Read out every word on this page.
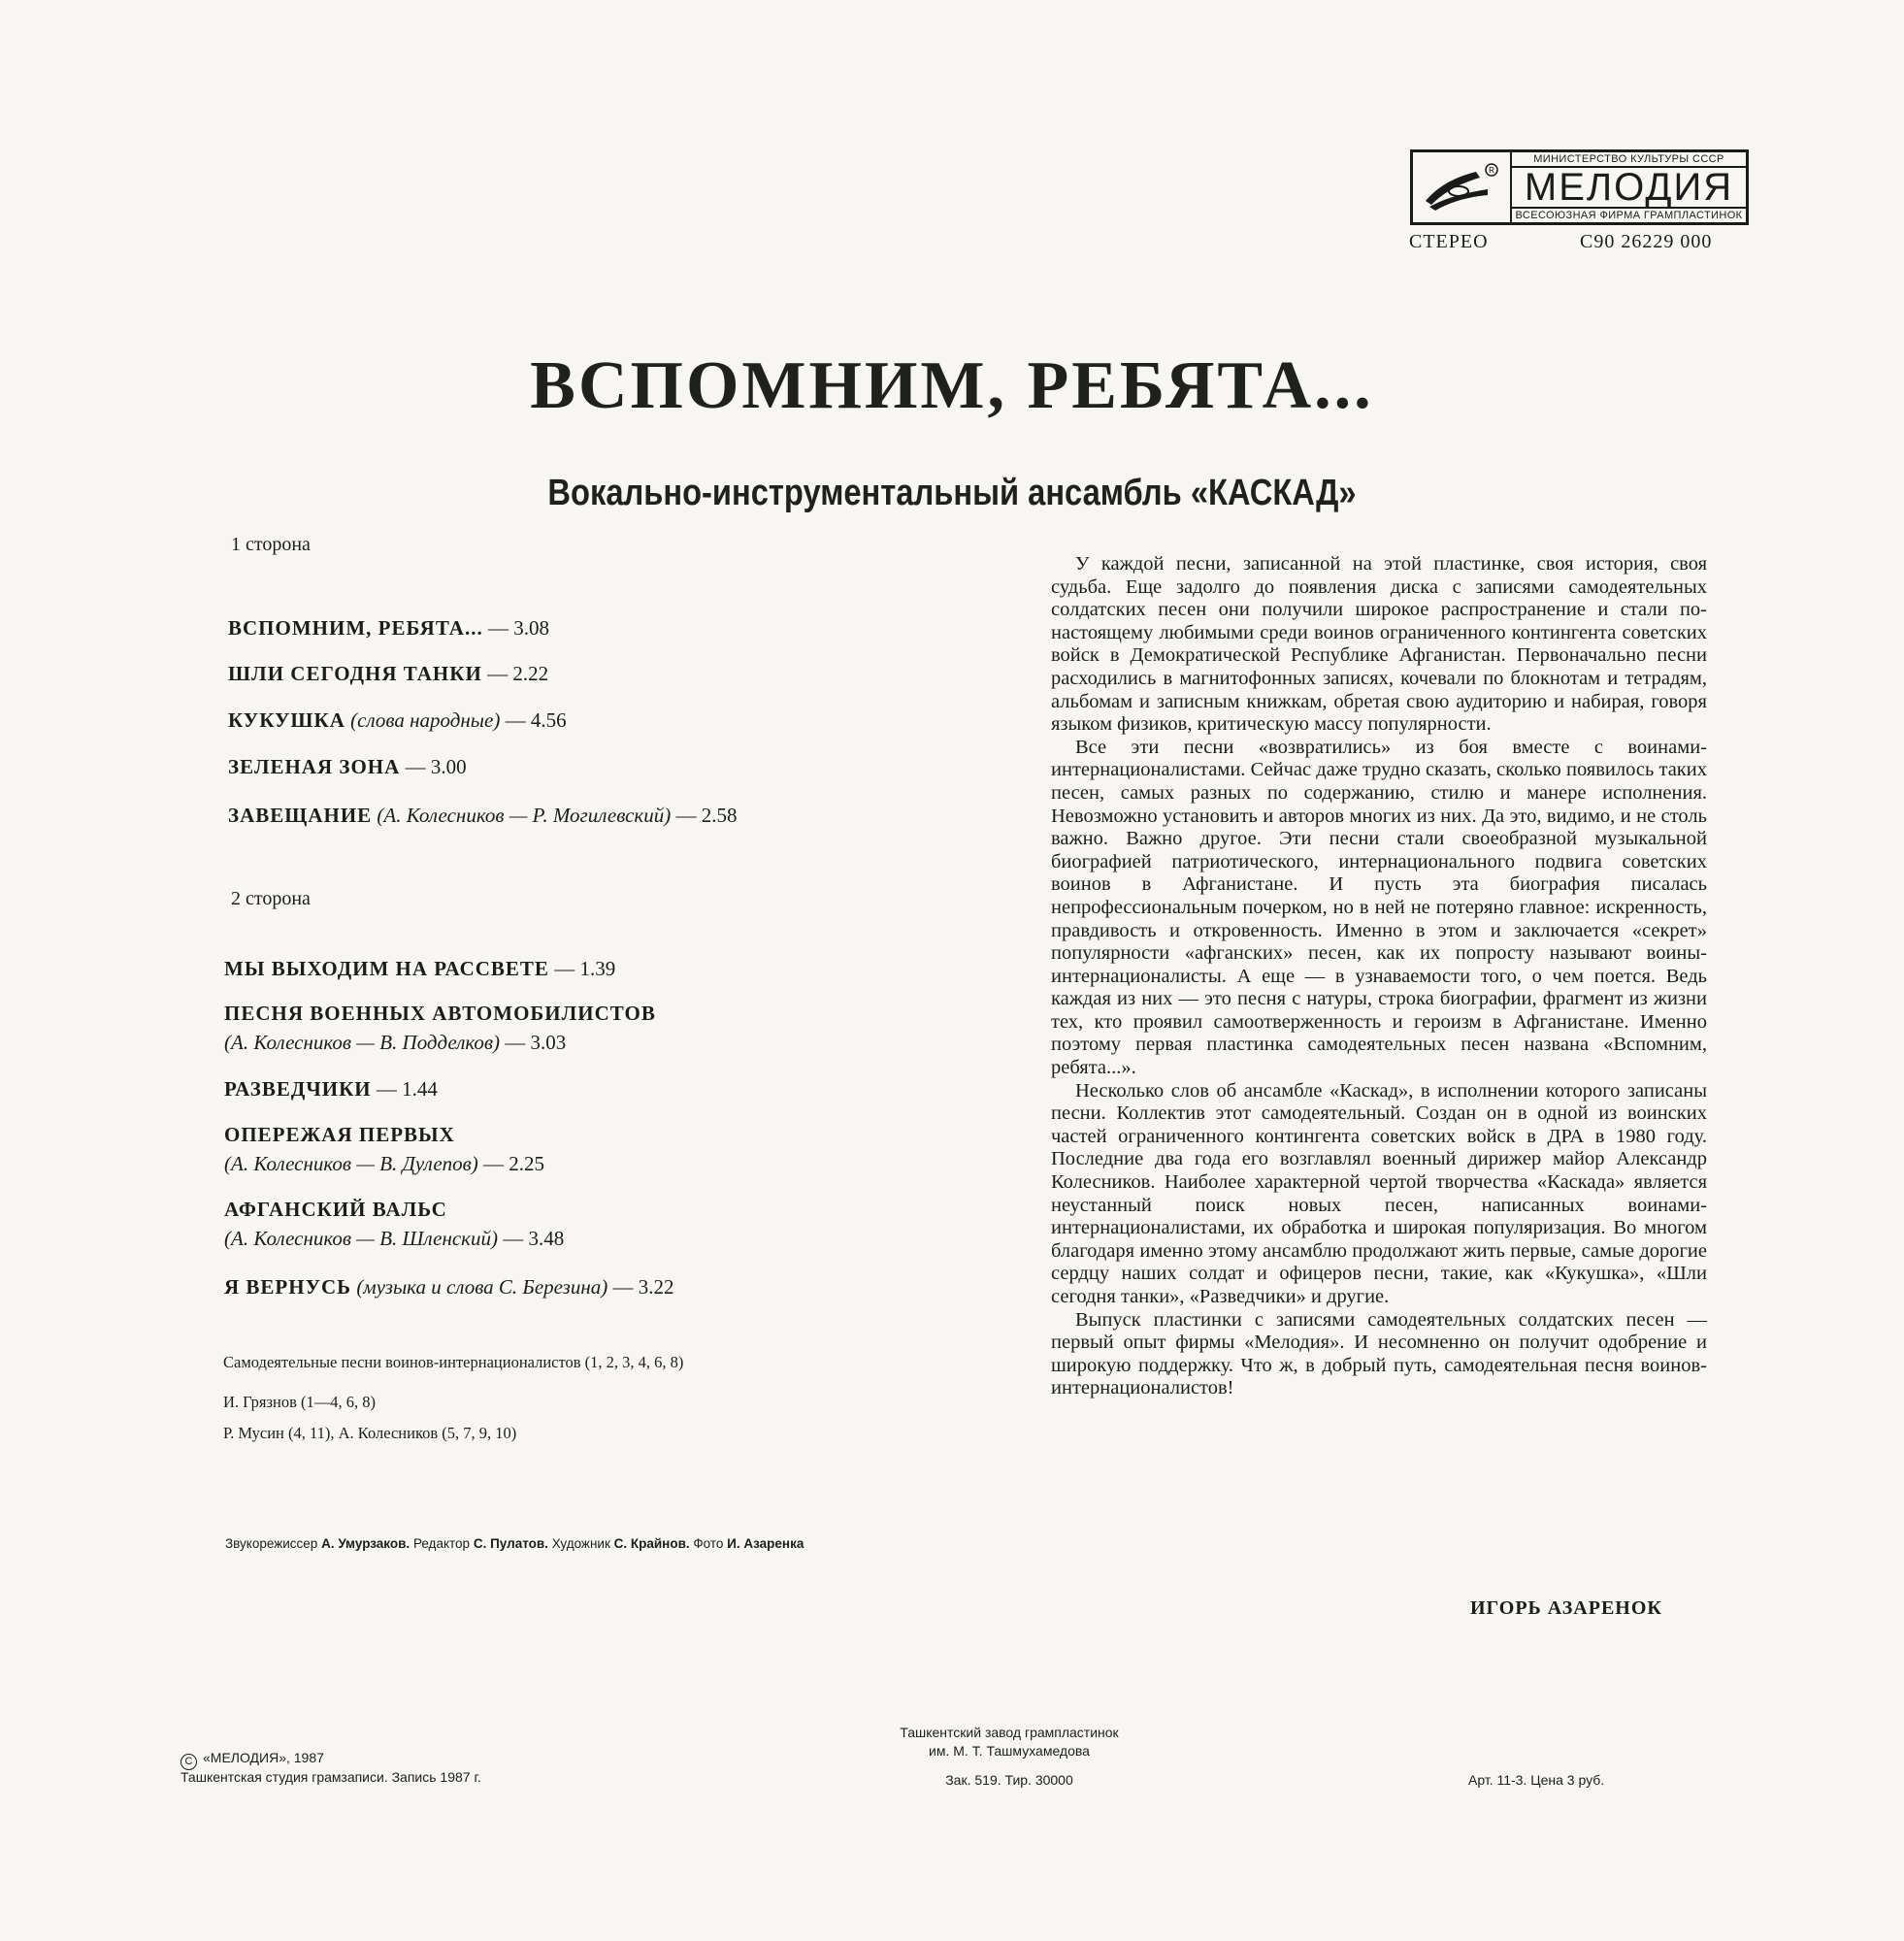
R
МИНИСТЕРСТВО КУЛЬТУРЫ СССР
МЕЛОДИЯ
ВСЕСОЮЗНАЯ ФИРМА ГРАМПЛАСТИНОК
СТЕРЕО	С90 26229 000
ВСПОМНИМ, РЕБЯТА...
Вокально-инструментальный ансамбль «КАСКАД»
1 сторона
ВСПОМНИМ, РЕБЯТА... — 3.08
ШЛИ СЕГОДНЯ ТАНКИ — 2.22
КУКУШКА (слова народные) — 4.56
ЗЕЛЕНАЯ ЗОНА — 3.00
ЗАВЕЩАНИЕ (А. Колесников — Р. Могилевский) — 2.58
2 сторона
МЫ ВЫХОДИМ НА РАССВЕТЕ — 1.39
ПЕСНЯ ВОЕННЫХ АВТОМОБИЛИСТОВ
(А. Колесников — В. Подделков) — 3.03
РАЗВЕДЧИКИ — 1.44
ОПЕРЕЖАЯ ПЕРВЫХ
(А. Колесников — В. Дулепов) — 2.25
АФГАНСКИЙ ВАЛЬС
(А. Колесников — В. Шленский) — 3.48
Я ВЕРНУСЬ (музыка и слова С. Березина) — 3.22
Самодеятельные песни воинов-интернационалистов (1, 2, 3, 4, 6, 8)
И. Грязнов (1—4, 6, 8)
Р. Мусин (4, 11), А. Колесников (5, 7, 9, 10)
Звукорежиссер А. Умурзаков. Редактор С. Пулатов. Художник С. Крайнов. Фото И. Азаренка

У каждой песни, записанной на этой пластинке, своя история, своя судьба. Еще задолго до появления диска с записями самодеятельных солдатских песен они получили широкое распространение и стали по-настоящему любимыми среди воинов ограниченного контингента советских войск в Демократической Республике Афганистан. Первоначально песни расходились в магнитофонных записях, кочевали по блокнотам и тетрадям, альбомам и записным книжкам, обретая свою аудиторию и набирая, говоря языком физиков, критическую массу популярности.

Все эти песни «возвратились» из боя вместе с воинами-интернационалистами. Сейчас даже трудно сказать, сколько появилось таких песен, самых разных по содержанию, стилю и манере исполнения. Невозможно установить и авторов многих из них. Да это, видимо, и не столь важно. Важно другое. Эти песни стали своеобразной музыкальной биографией патриотического, интернационального подвига советских воинов в Афганистане. И пусть эта биография писалась непрофессиональным почерком, но в ней не потеряно главное: искренность, правдивость и откровенность. Именно в этом и заключается «секрет» популярности «афганских» песен, как их попросту называют воины-интернационалисты. А еще — в узнаваемости того, о чем поется. Ведь каждая из них — это песня с натуры, строка биографии, фрагмент из жизни тех, кто проявил самоотверженность и героизм в Афганистане. Именно поэтому первая пластинка самодеятельных песен названа «Вспомним, ребята...».

Несколько слов об ансамбле «Каскад», в исполнении которого записаны песни. Коллектив этот самодеятельный. Создан он в одной из воинских частей ограниченного контингента советских войск в ДРА в 1980 году. Последние два года его возглавлял военный дирижер майор Александр Колесников. Наиболее характерной чертой творчества «Каскада» является неустанный поиск новых песен, написанных воинами-интернационалистами, их обработка и широкая популяризация. Во многом благодаря именно этому ансамблю продолжают жить первые, самые дорогие сердцу наших солдат и офицеров песни, такие, как «Кукушка», «Шли сегодня танки», «Разведчики» и другие.

Выпуск пластинки с записями самодеятельных солдатских песен — первый опыт фирмы «Мелодия». И несомненно он получит одобрение и широкую поддержку. Что ж, в добрый путь, самодеятельная песня воинов-интернационалистов!

ИГОРЬ АЗАРЕНОК
C «МЕЛОДИЯ», 1987
Ташкентская студия грамзаписи. Запись 1987 г.
Ташкентский завод грампластинок
им. М. Т. Ташмухамедова
Зак. 519. Тир. 30000	Арт. 11-3. Цена 3 руб.
